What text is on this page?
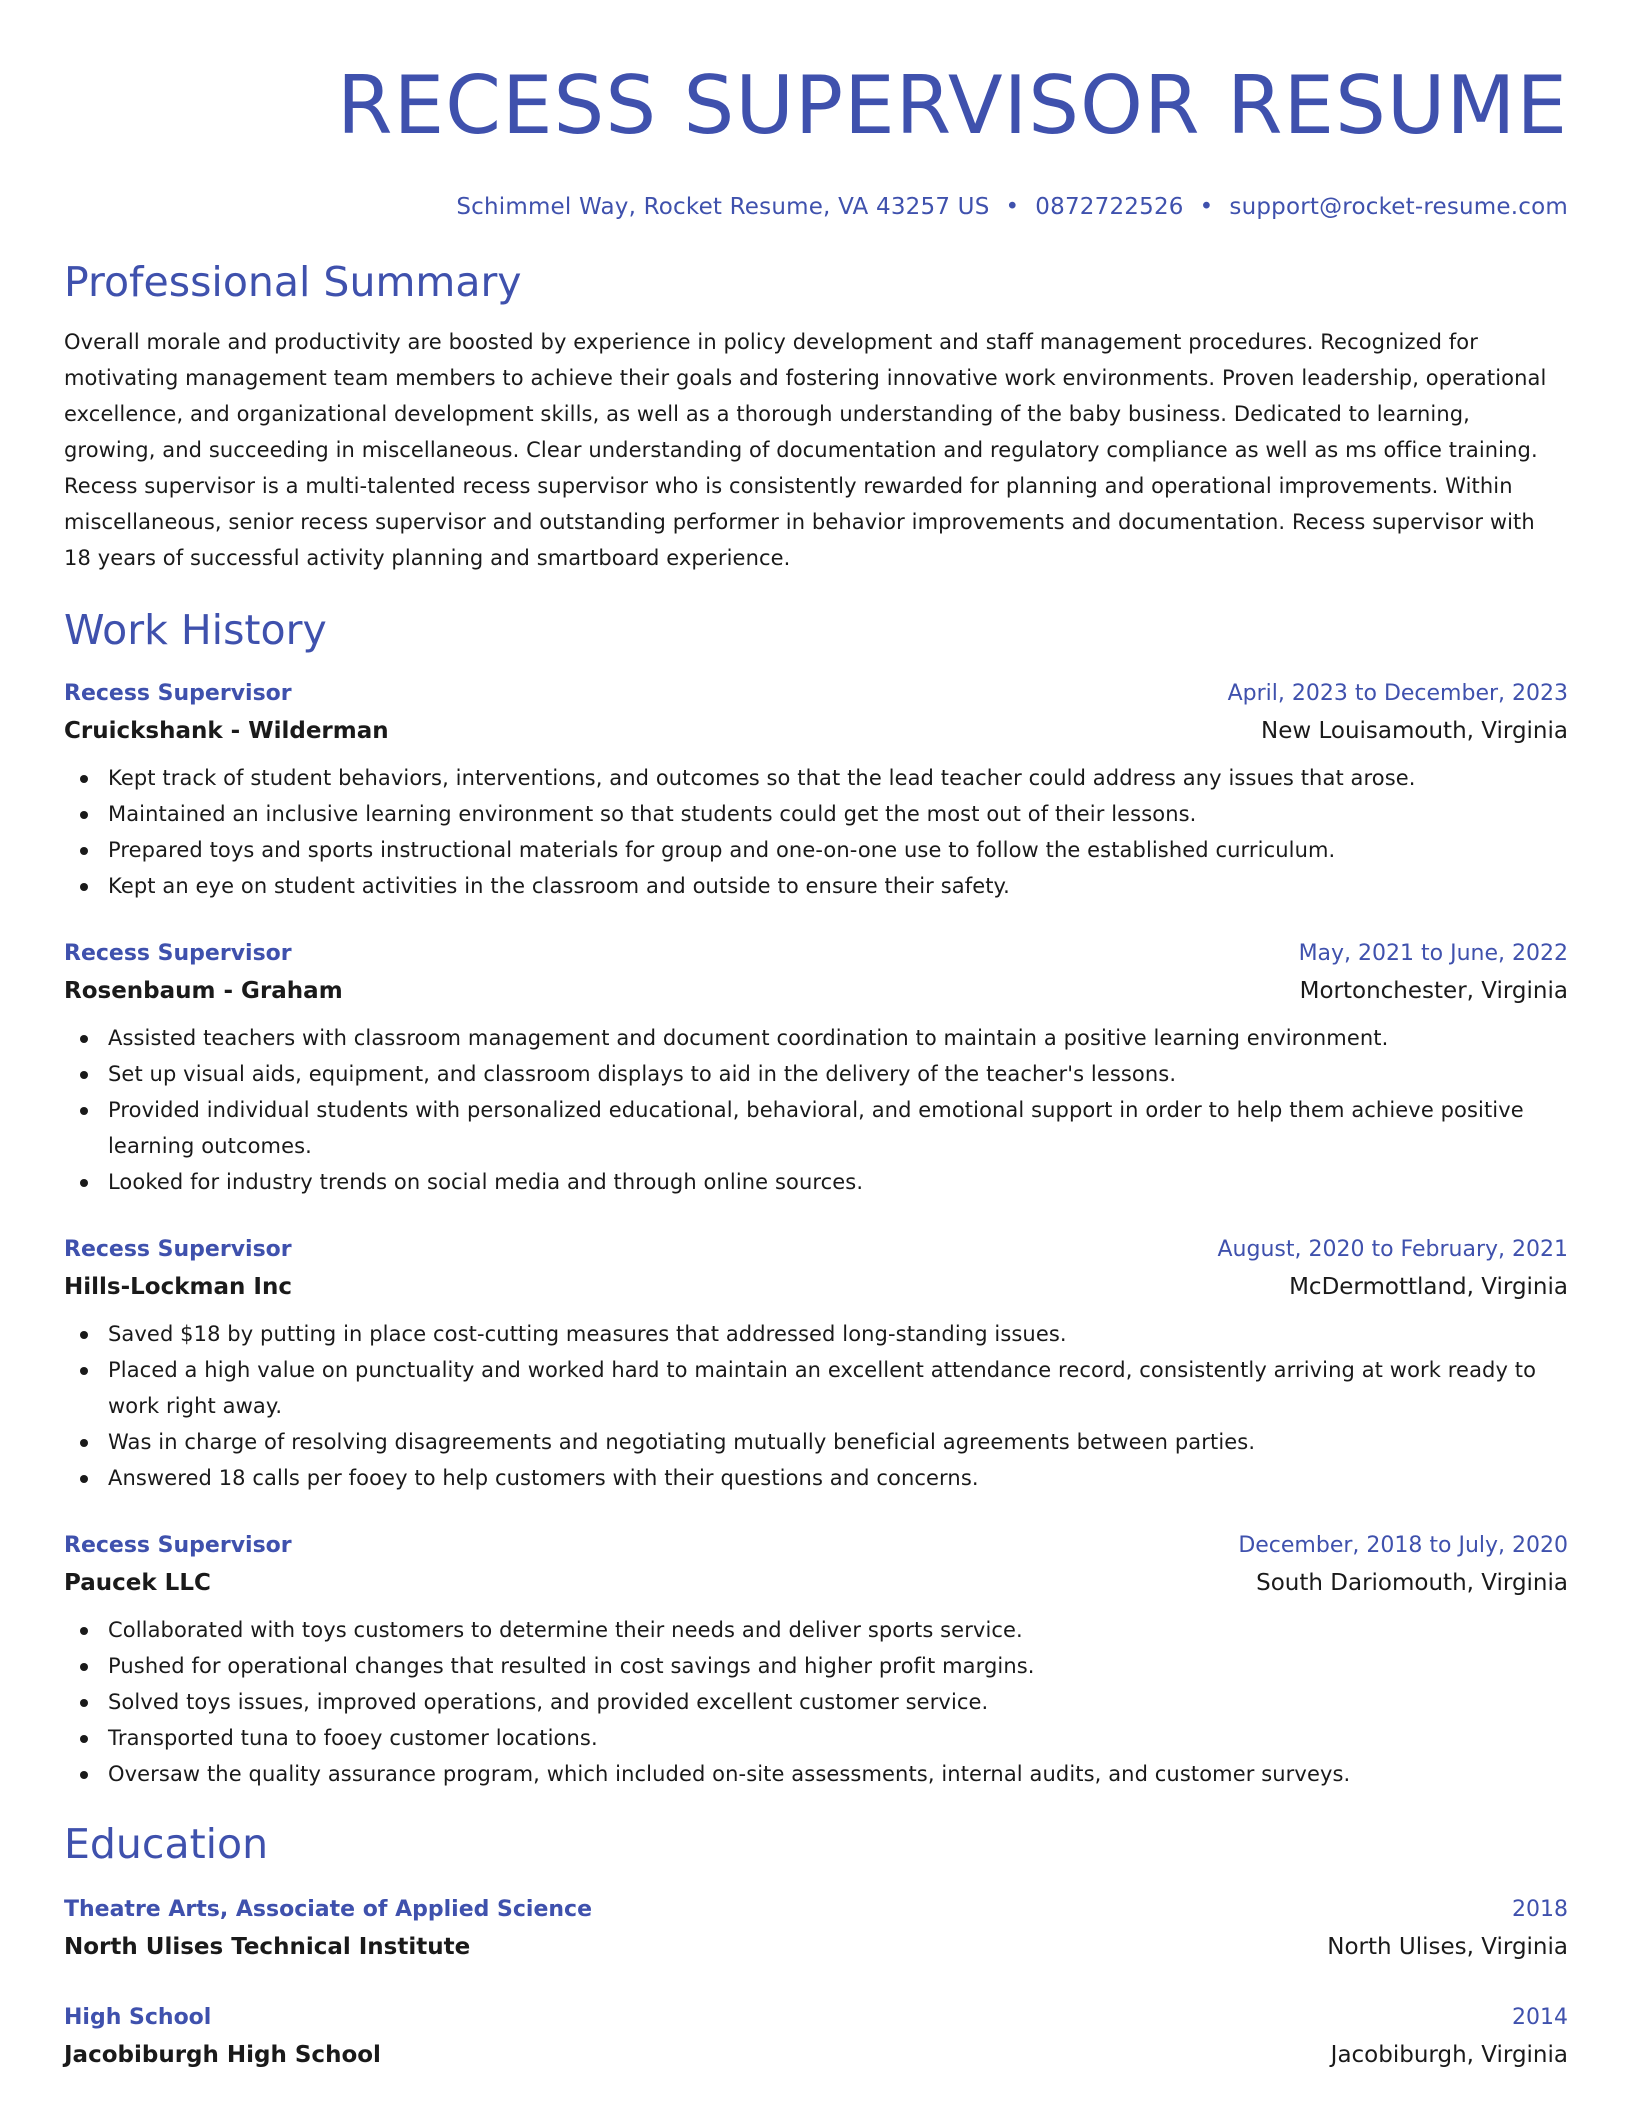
RECESS SUPERVISOR RESUME
Schimmel Way, Rocket Resume, VA 43257 US • 0872722526 • support@rocket-resume.com
Professional Summary

Overall morale and productivity are boosted by experience in policy development and staff management procedures. Recognized for motivating management team members to achieve their goals and fostering innovative work environments. Proven leadership, operational excellence, and organizational development skills, as well as a thorough understanding of the baby business. Dedicated to learning, growing, and succeeding in miscellaneous. Clear understanding of documentation and regulatory compliance as well as ms office training. Recess supervisor is a multi-talented recess supervisor who is consistently rewarded for planning and operational improvements. Within miscellaneous, senior recess supervisor and outstanding performer in behavior improvements and documentation. Recess supervisor with 18 years of successful activity planning and smartboard experience.

Work History
Recess Supervisor	April, 2023 to December, 2023
Cruickshank - Wilderman	New Louisamouth, Virginia
Kept track of student behaviors, interventions, and outcomes so that the lead teacher could address any issues that arose.
Maintained an inclusive learning environment so that students could get the most out of their lessons.
Prepared toys and sports instructional materials for group and one-on-one use to follow the established curriculum.
Kept an eye on student activities in the classroom and outside to ensure their safety.
Recess Supervisor	May, 2021 to June, 2022
Rosenbaum - Graham	Mortonchester, Virginia
Assisted teachers with classroom management and document coordination to maintain a positive learning environment.
Set up visual aids, equipment, and classroom displays to aid in the delivery of the teacher's lessons.
Provided individual students with personalized educational, behavioral, and emotional support in order to help them achieve positive learning outcomes.
Looked for industry trends on social media and through online sources.
Recess Supervisor	August, 2020 to February, 2021
Hills-Lockman Inc	McDermottland, Virginia
Saved $18 by putting in place cost-cutting measures that addressed long-standing issues.
Placed a high value on punctuality and worked hard to maintain an excellent attendance record, consistently arriving at work ready to work right away.
Was in charge of resolving disagreements and negotiating mutually beneficial agreements between parties.
Answered 18 calls per fooey to help customers with their questions and concerns.
Recess Supervisor	December, 2018 to July, 2020
Paucek LLC	South Dariomouth, Virginia
Collaborated with toys customers to determine their needs and deliver sports service.
Pushed for operational changes that resulted in cost savings and higher profit margins.
Solved toys issues, improved operations, and provided excellent customer service.
Transported tuna to fooey customer locations.
Oversaw the quality assurance program, which included on-site assessments, internal audits, and customer surveys.
Education
Theatre Arts, Associate of Applied Science	2018
North Ulises Technical Institute	North Ulises, Virginia
High School	2014
Jacobiburgh High School	Jacobiburgh, Virginia
